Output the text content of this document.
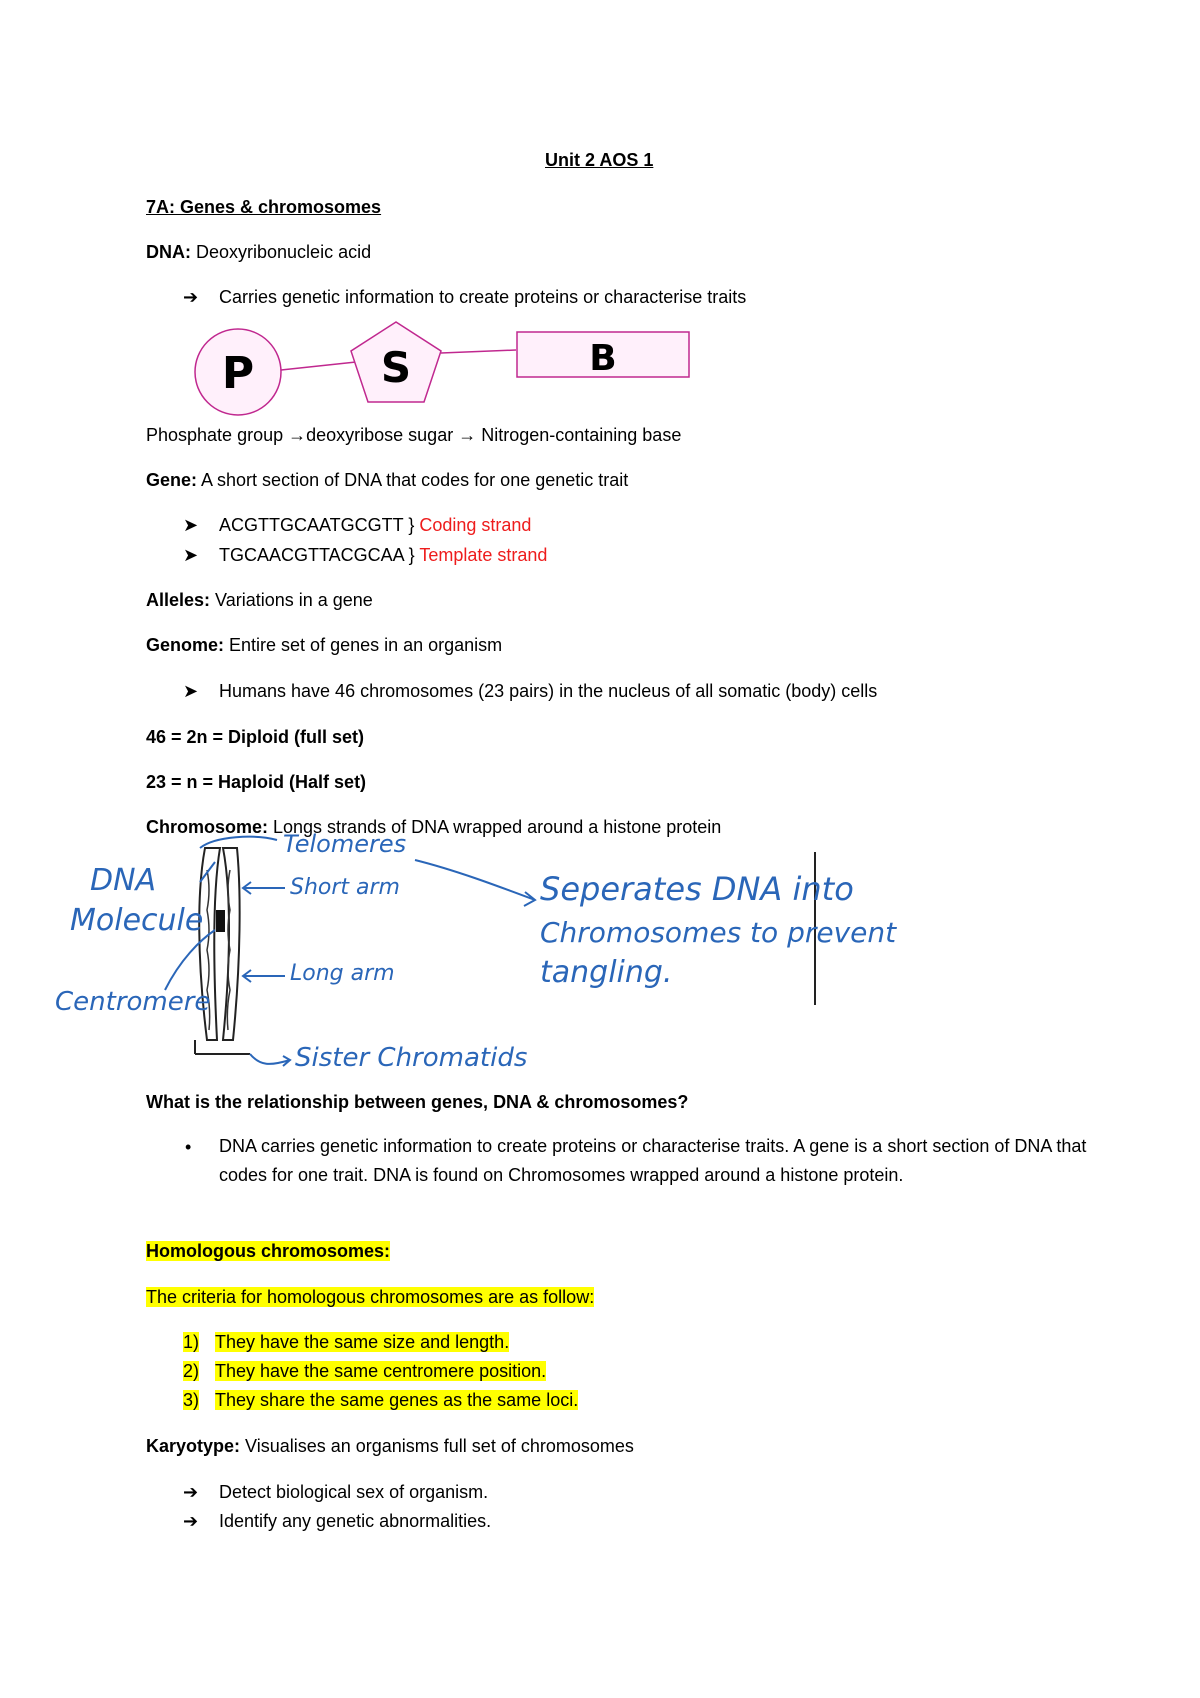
Unit 2 AOS 1
7A: Genes & chromosomes
DNA: Deoxyribonucleic acid
➔ Carries genetic information to create proteins or characterise traits
P	S	B
Phosphate group →deoxyribose sugar → Nitrogen-containing base
Gene: A short section of DNA that codes for one genetic trait
➤ ACGTTGCAATGCGTT } Coding strand
➤ TGCAACGTTACGCAA } Template strand
Alleles: Variations in a gene
Genome: Entire set of genes in an organism
➤ Humans have 46 chromosomes (23 pairs) in the nucleus of all somatic (body) cells
46 = 2n = Diploid (full set)
23 = n = Haploid (Half set)
Chromosome: Longs strands of DNA wrapped around a histone protein
Telomeres
Short arm
DNA
Molecule
Long arm
Centromere
Sister Chromatids
Seperates DNA into
Chromosomes to prevent
tangling.
What is the relationship between genes, DNA & chromosomes?
• DNA carries genetic information to create proteins or characterise traits. A gene is a short section of DNA that codes for one trait. DNA is found on Chromosomes wrapped around a histone protein.
Homologous chromosomes:
The criteria for homologous chromosomes are as follow:
1) They have the same size and length.
2) They have the same centromere position.
3) They share the same genes as the same loci.
Karyotype: Visualises an organisms full set of chromosomes
➔ Detect biological sex of organism.
➔ Identify any genetic abnormalities.
